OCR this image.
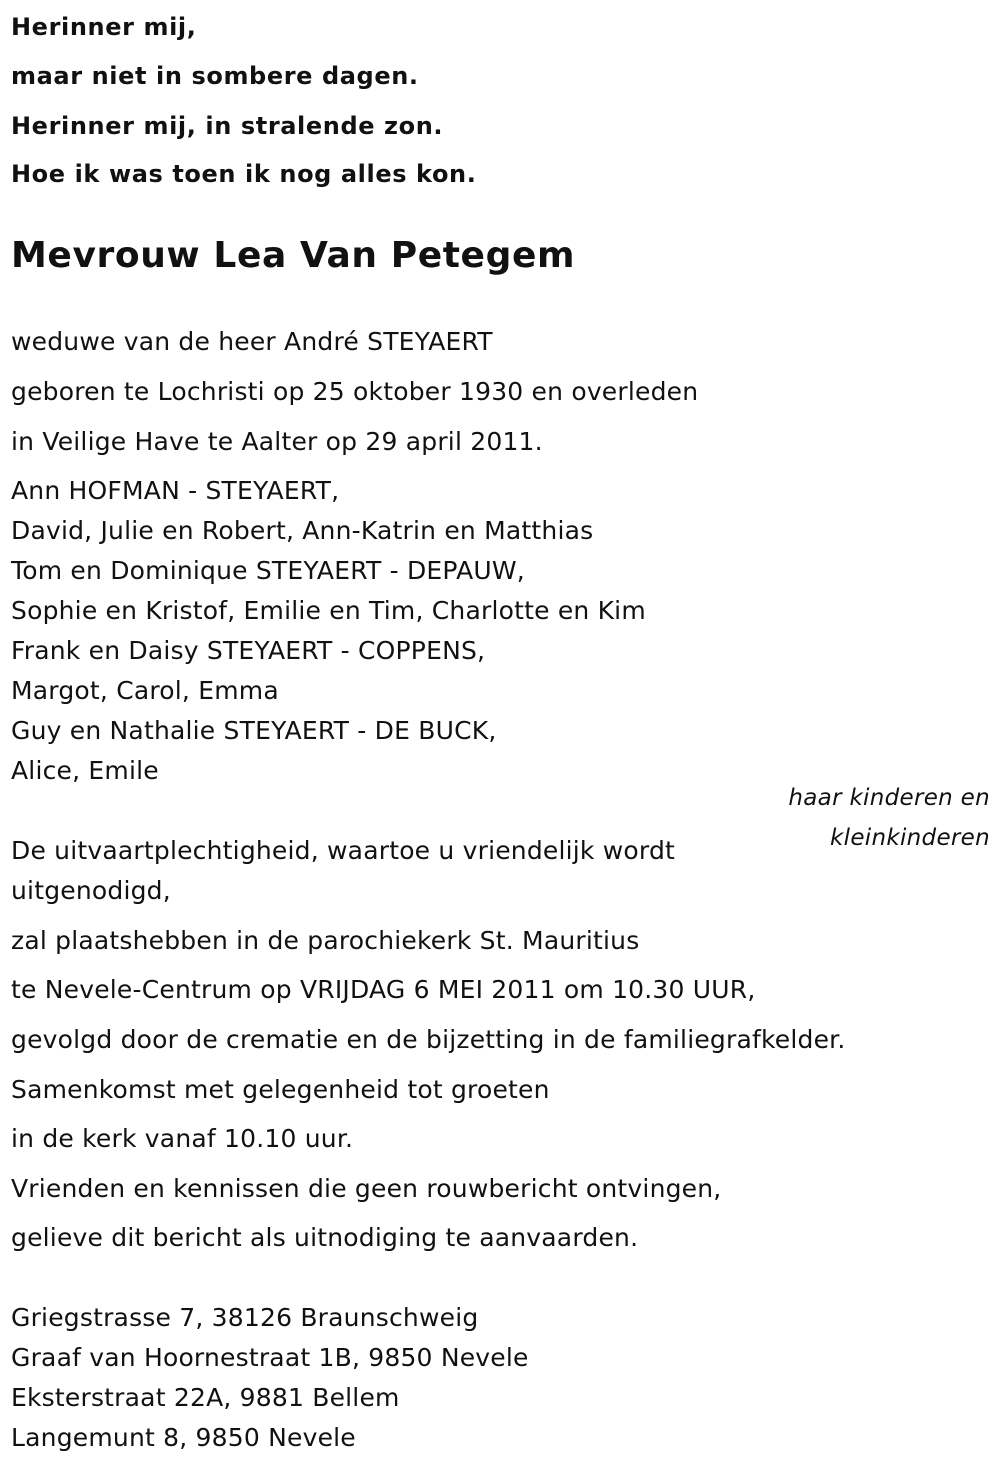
Herinner mij,
maar niet in sombere dagen.
Herinner mij, in stralende zon.
Hoe ik was toen ik nog alles kon.
Mevrouw Lea Van Petegem
weduwe van de heer André STEYAERT
geboren te Lochristi op 25 oktober 1930 en overleden
in Veilige Have te Aalter op 29 april 2011.
Ann HOFMAN - STEYAERT,
David, Julie en Robert, Ann-Katrin en Matthias
Tom en Dominique STEYAERT - DEPAUW,
Sophie en Kristof, Emilie en Tim, Charlotte en Kim
Frank en Daisy STEYAERT - COPPENS,
Margot, Carol, Emma
Guy en Nathalie STEYAERT - DE BUCK,
Alice, Emile
haar kinderen en
kleinkinderen
De uitvaartplechtigheid, waartoe u vriendelijk wordt
uitgenodigd,
zal plaatshebben in de parochiekerk St. Mauritius
te Nevele-Centrum op VRIJDAG 6 MEI 2011 om 10.30 UUR,
gevolgd door de crematie en de bijzetting in de familiegrafkelder.
Samenkomst met gelegenheid tot groeten
in de kerk vanaf 10.10 uur.
Vrienden en kennissen die geen rouwbericht ontvingen,
gelieve dit bericht als uitnodiging te aanvaarden.
Griegstrasse 7, 38126 Braunschweig
Graaf van Hoornestraat 1B, 9850 Nevele
Eksterstraat 22A, 9881 Bellem
Langemunt 8, 9850 Nevele
